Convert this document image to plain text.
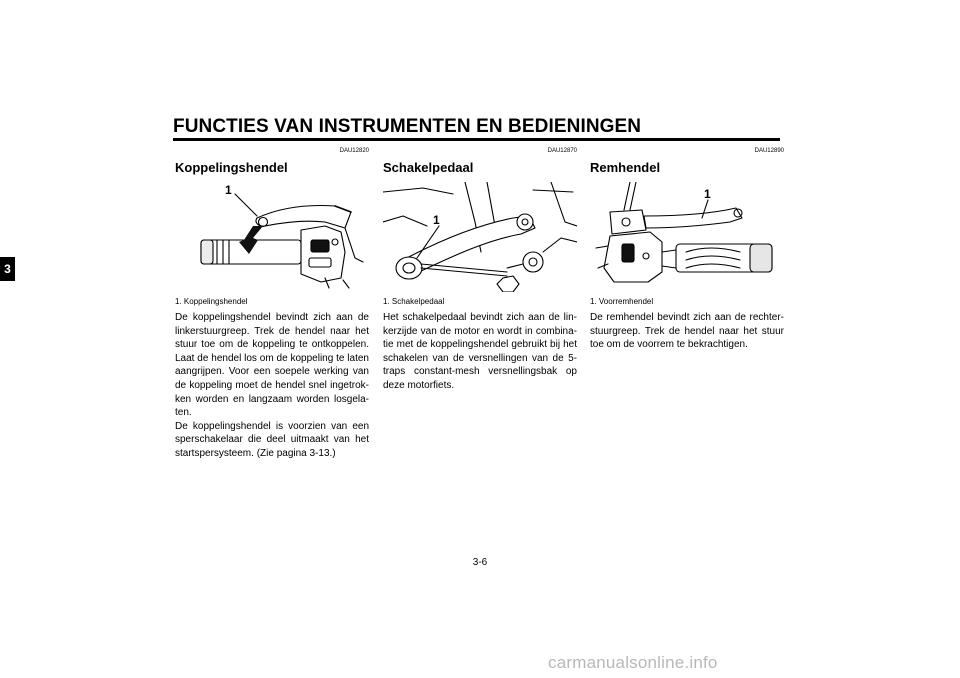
FUNCTIES VAN INSTRUMENTEN EN BEDIENINGEN
3
DAU12820
Koppelingshendel
1
1. Koppelingshendel

De koppelingshendel bevindt zich aan de linkerstuurgreep. Trek de hendel naar het stuur toe om de koppeling te ontkoppelen. Laat de hendel los om de koppeling te laten aangrijpen. Voor een soepele werking van de koppeling moet de hendel snel ingetrok-ken worden en langzaam worden losgela-ten.

De koppelingshendel is voorzien van een sperschakelaar die deel uitmaakt van het startspersysteem. (Zie pagina 3-13.)

DAU12870
Schakelpedaal
1
1. Schakelpedaal

Het schakelpedaal bevindt zich aan de lin-kerzijde van de motor en wordt in combina-tie met de koppelingshendel gebruikt bij het schakelen van de versnellingen van de 5-traps constant-mesh versnellingsbak op deze motorfiets.

DAU12890
Remhendel
1
1. Voorremhendel

De remhendel bevindt zich aan de rechter-stuurgreep. Trek de hendel naar het stuur toe om de voorrem te bekrachtigen.

3-6
carmanualsonline.info
